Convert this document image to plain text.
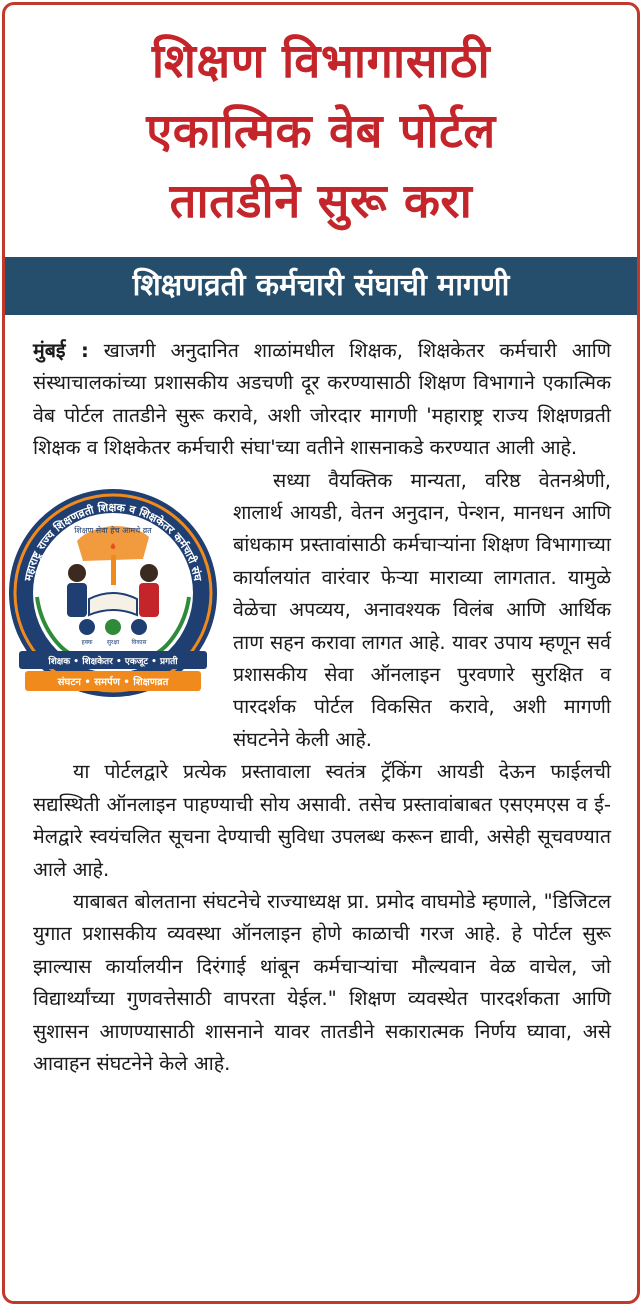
शिक्षण विभागासाठी
एकात्मिक वेब पोर्टल
तातडीने सुरू करा
शिक्षणव्रती कर्मचारी संघाची मागणी

मुंबई : खाजगी अनुदानित शाळांमधील शिक्षक, शिक्षकेतर कर्मचारी आणि संस्थाचालकांच्या प्रशासकीय अडचणी दूर करण्यासाठी शिक्षण विभागाने एकात्मिक वेब पोर्टल तातडीने सुरू करावे, अशी जोरदार मागणी 'महाराष्ट्र राज्य शिक्षणव्रती शिक्षक व शिक्षकेतर कर्मचारी संघा'च्या वतीने शासनाकडे करण्यात आली आहे.

महाराष्ट्र राज्य शिक्षणव्रती शिक्षक व शिक्षकेतर कर्मचारी संघ
शिक्षण सेवा हेच आमचे व्रत
हक्क सुरक्षा विकास
शिक्षक • शिक्षकेतर • एकजूट • प्रगती
संघटन • समर्पण • शिक्षणव्रत

सध्या वैयक्तिक मान्यता, वरिष्ठ वेतनश्रेणी, शालार्थ आयडी, वेतन अनुदान, पेन्शन, मानधन आणि बांधकाम प्रस्तावांसाठी कर्मचाऱ्यांना शिक्षण विभागाच्या कार्यालयांत वारंवार फेऱ्या माराव्या लागतात. यामुळे वेळेचा अपव्यय, अनावश्यक विलंब आणि आर्थिक ताण सहन करावा लागत आहे. यावर उपाय म्हणून सर्व प्रशासकीय सेवा ऑनलाइन पुरवणारे सुरक्षित व पारदर्शक पोर्टल विकसित करावे, अशी मागणी संघटनेने केली आहे.

या पोर्टलद्वारे प्रत्येक प्रस्तावाला स्वतंत्र ट्रॅकिंग आयडी देऊन फाईलची सद्यस्थिती ऑनलाइन पाहण्याची सोय असावी. तसेच प्रस्तावांबाबत एसएमएस व ई-मेलद्वारे स्वयंचलित सूचना देण्याची सुविधा उपलब्ध करून द्यावी, असेही सूचवण्यात आले आहे.

याबाबत बोलताना संघटनेचे राज्याध्यक्ष प्रा. प्रमोद वाघमोडे म्हणाले, "डिजिटल युगात प्रशासकीय व्यवस्था ऑनलाइन होणे काळाची गरज आहे. हे पोर्टल सुरू झाल्यास कार्यालयीन दिरंगाई थांबून कर्मचाऱ्यांचा मौल्यवान वेळ वाचेल, जो विद्यार्थ्यांच्या गुणवत्तेसाठी वापरता येईल." शिक्षण व्यवस्थेत पारदर्शकता आणि सुशासन आणण्यासाठी शासनाने यावर तातडीने सकारात्मक निर्णय घ्यावा, असे आवाहन संघटनेने केले आहे.
